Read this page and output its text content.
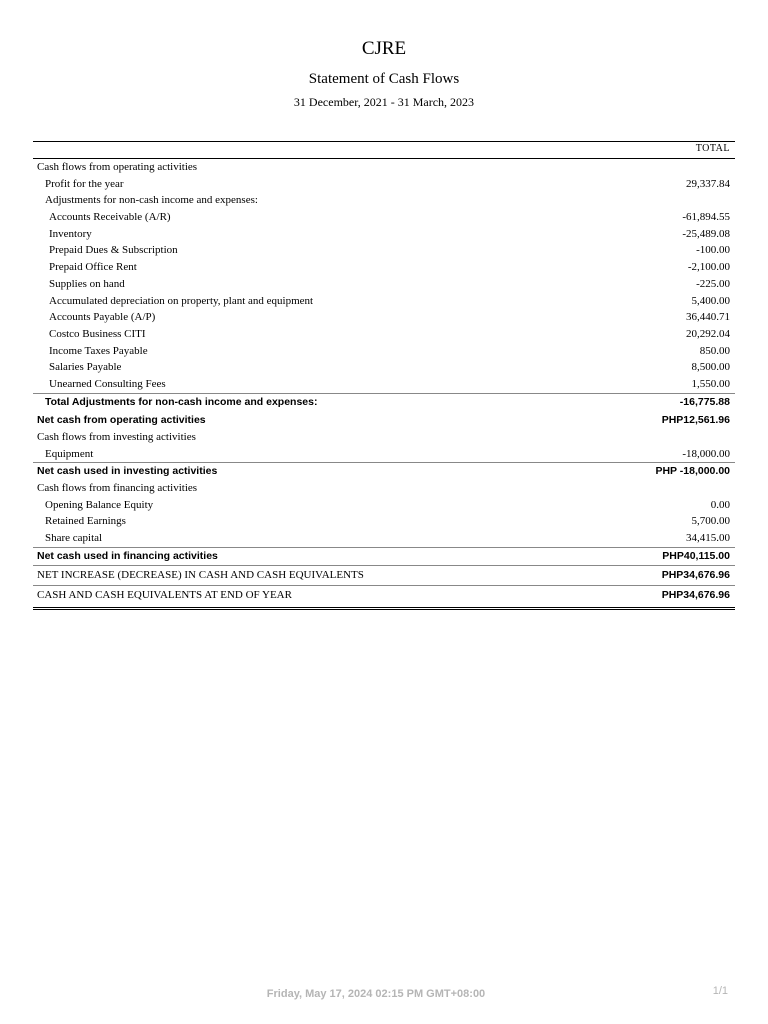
CJRE
Statement of Cash Flows
31 December, 2021 - 31 March, 2023
TOTAL
Cash flows from operating activities
Profit for the year	29,337.84
Adjustments for non-cash income and expenses:
Accounts Receivable (A/R)	-61,894.55
Inventory	-25,489.08
Prepaid Dues & Subscription	-100.00
Prepaid Office Rent	-2,100.00
Supplies on hand	-225.00
Accumulated depreciation on property, plant and equipment	5,400.00
Accounts Payable (A/P)	36,440.71
Costco Business CITI	20,292.04
Income Taxes Payable	850.00
Salaries Payable	8,500.00
Unearned Consulting Fees	1,550.00
Total Adjustments for non-cash income and expenses:	-16,775.88
Net cash from operating activities	PHP12,561.96
Cash flows from investing activities
Equipment	-18,000.00
Net cash used in investing activities	PHP -18,000.00
Cash flows from financing activities
Opening Balance Equity	0.00
Retained Earnings	5,700.00
Share capital	34,415.00
Net cash used in financing activities	PHP40,115.00
NET INCREASE (DECREASE) IN CASH AND CASH EQUIVALENTS	PHP34,676.96
CASH AND CASH EQUIVALENTS AT END OF YEAR	PHP34,676.96
Friday, May 17, 2024 02:15 PM GMT+08:00	1/1
